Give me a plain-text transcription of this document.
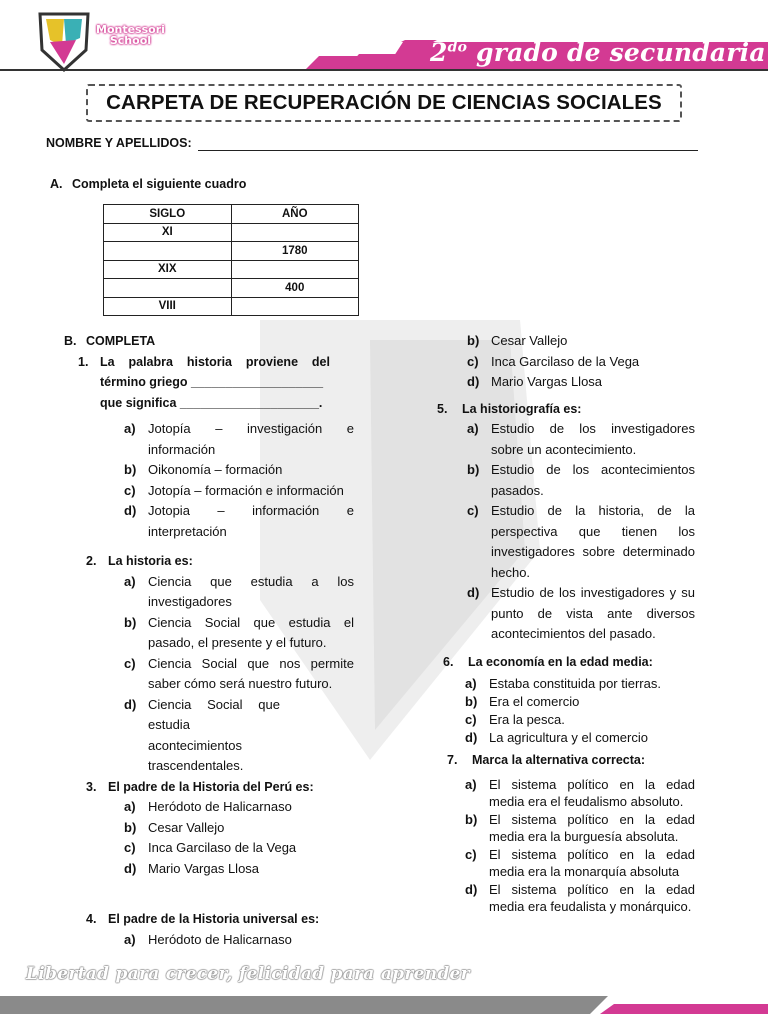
Montessori
School	$2^{do}$ grado de secundaria
CARPETA DE RECUPERACIÓN DE CIENCIAS SOCIALES
NOMBRE Y APELLIDOS:
A. Completa el siguiente cuadro
SIGLO	AÑO
XI	
	1780
XIX	
	400
VIII	
B. COMPLETA
1. La palabra historia proviene del
término griego ___________________
que significa ____________________.
a) Jotopía – investigación e información
b) Oikonomía – formación
c) Jotopía – formación e información
d) Jotopia – información e interpretación
2. La historia es:
a) Ciencia que estudia a los investigadores
b) Ciencia Social que estudia el pasado, el presente y el futuro.
c) Ciencia Social que nos permite saber cómo será nuestro futuro.
d) Ciencia Social que estudia acontecimientos trascendentales.
3. El padre de la Historia del Perú es:
a) Heródoto de Halicarnaso
b) Cesar Vallejo
c) Inca Garcilaso de la Vega
d) Mario Vargas Llosa
4. El padre de la Historia universal es:
a) Heródoto de Halicarnaso
b) Cesar Vallejo
c) Inca Garcilaso de la Vega
d) Mario Vargas Llosa
5.	La historiografía es:
a) Estudio de los investigadores sobre un acontecimiento.
b) Estudio de los acontecimientos pasados.
c) Estudio de la historia, de la perspectiva que tienen los investigadores sobre determinado hecho.
d) Estudio de los investigadores y su punto de vista ante diversos acontecimientos del pasado.
6.	La economía en la edad media:
a) Estaba constituida por tierras.
b) Era el comercio
c) Era la pesca.
d) La agricultura y el comercio
7.	Marca la alternativa correcta:
a) El sistema político en la edad media era el feudalismo absoluto.
b) El sistema político en la edad media era la burguesía absoluta.
c) El sistema político en la edad media era la monarquía absoluta
d) El sistema político en la edad media era feudalista y monárquico.
Libertad para crecer, felicidad para aprender
